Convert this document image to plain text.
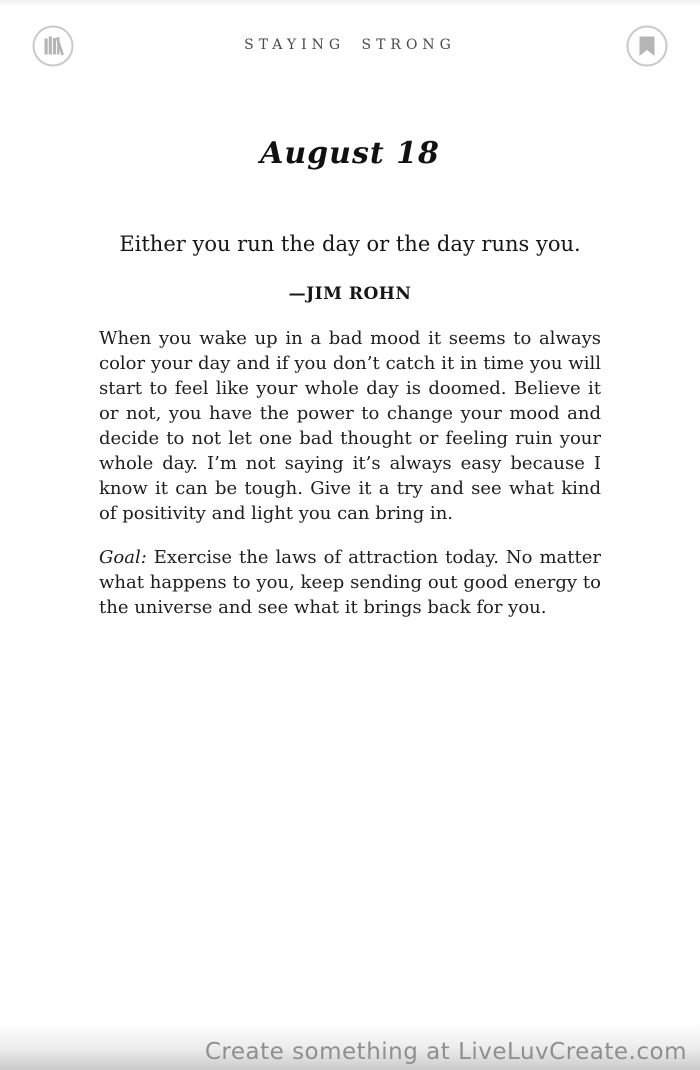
STAYING STRONG
August 18

Either you run the day or the day runs you.

—JIM ROHN

When you wake up in a bad mood it seems to always color your day and if you don’t catch it in time you will start to feel like your whole day is doomed. Believe it or not, you have the power to change your mood and decide to not let one bad thought or feeling ruin your whole day. I’m not saying it’s always easy because I know it can be tough. Give it a try and see what kind of positivity and light you can bring in.

Goal: Exercise the laws of attraction today. No matter what happens to you, keep sending out good energy to the universe and see what it brings back for you.

Create something at LiveLuvCreate.com
